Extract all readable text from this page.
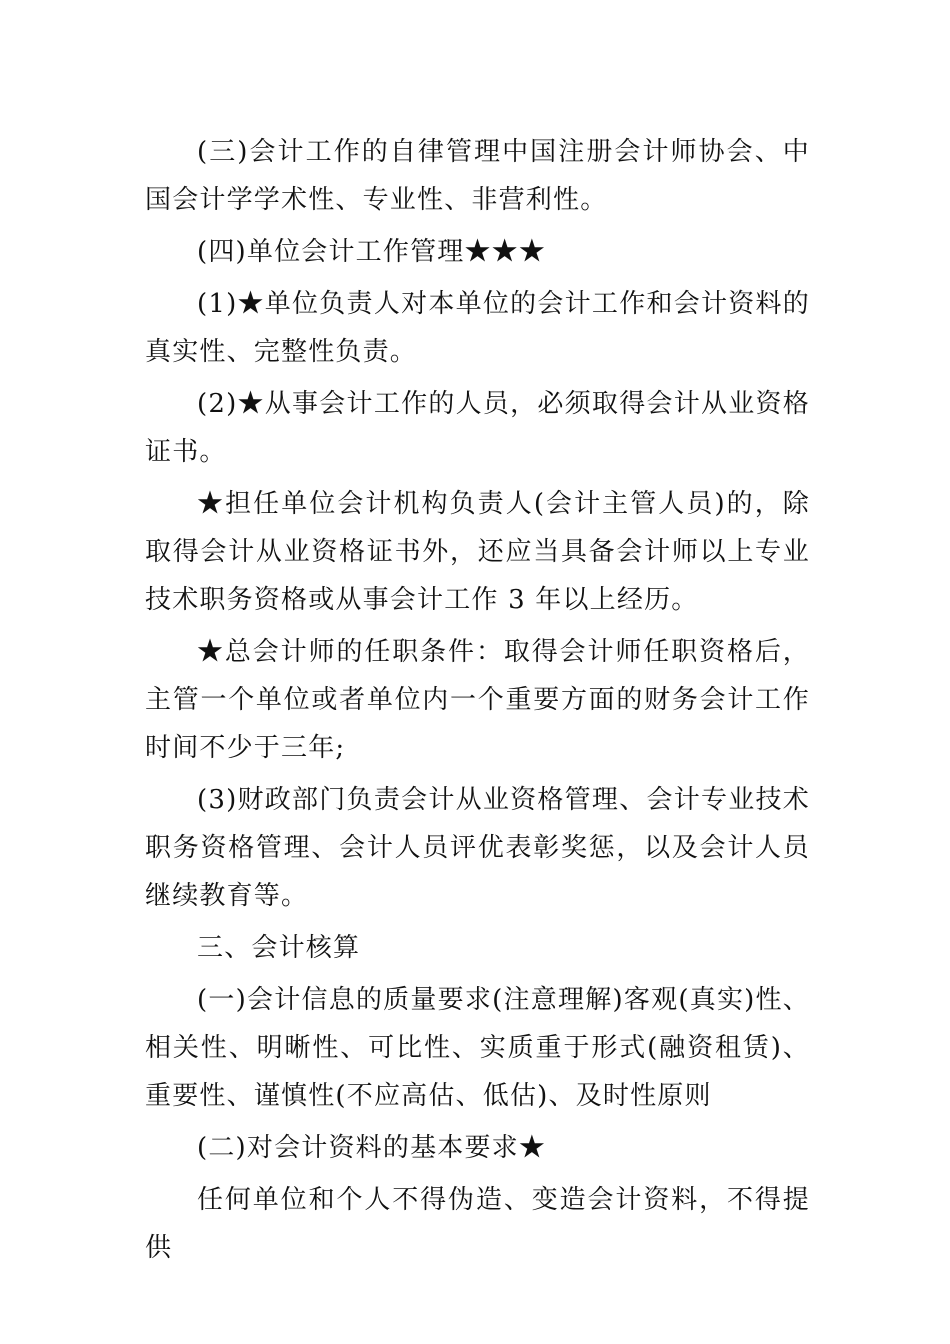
(三)会计工作的自律管理中国注册会计师协会、中国会计学学术性、专业性、非营利性。

(四)单位会计工作管理★★★

(1)★单位负责人对本单位的会计工作和会计资料的真实性、完整性负责。

(2)★从事会计工作的人员，必须取得会计从业资格证书。

★担任单位会计机构负责人(会计主管人员)的，除取得会计从业资格证书外，还应当具备会计师以上专业技术职务资格或从事会计工作 3 年以上经历。

★总会计师的任职条件：取得会计师任职资格后，主管一个单位或者单位内一个重要方面的财务会计工作时间不少于三年;

(3)财政部门负责会计从业资格管理、会计专业技术职务资格管理、会计人员评优表彰奖惩，以及会计人员继续教育等。

三、会计核算

(一)会计信息的质量要求(注意理解)客观(真实)性、相关性、明晰性、可比性、实质重于形式(融资租赁)、重要性、谨慎性(不应高估、低估)、及时性原则

(二)对会计资料的基本要求★

任何单位和个人不得伪造、变造会计资料，不得提供
